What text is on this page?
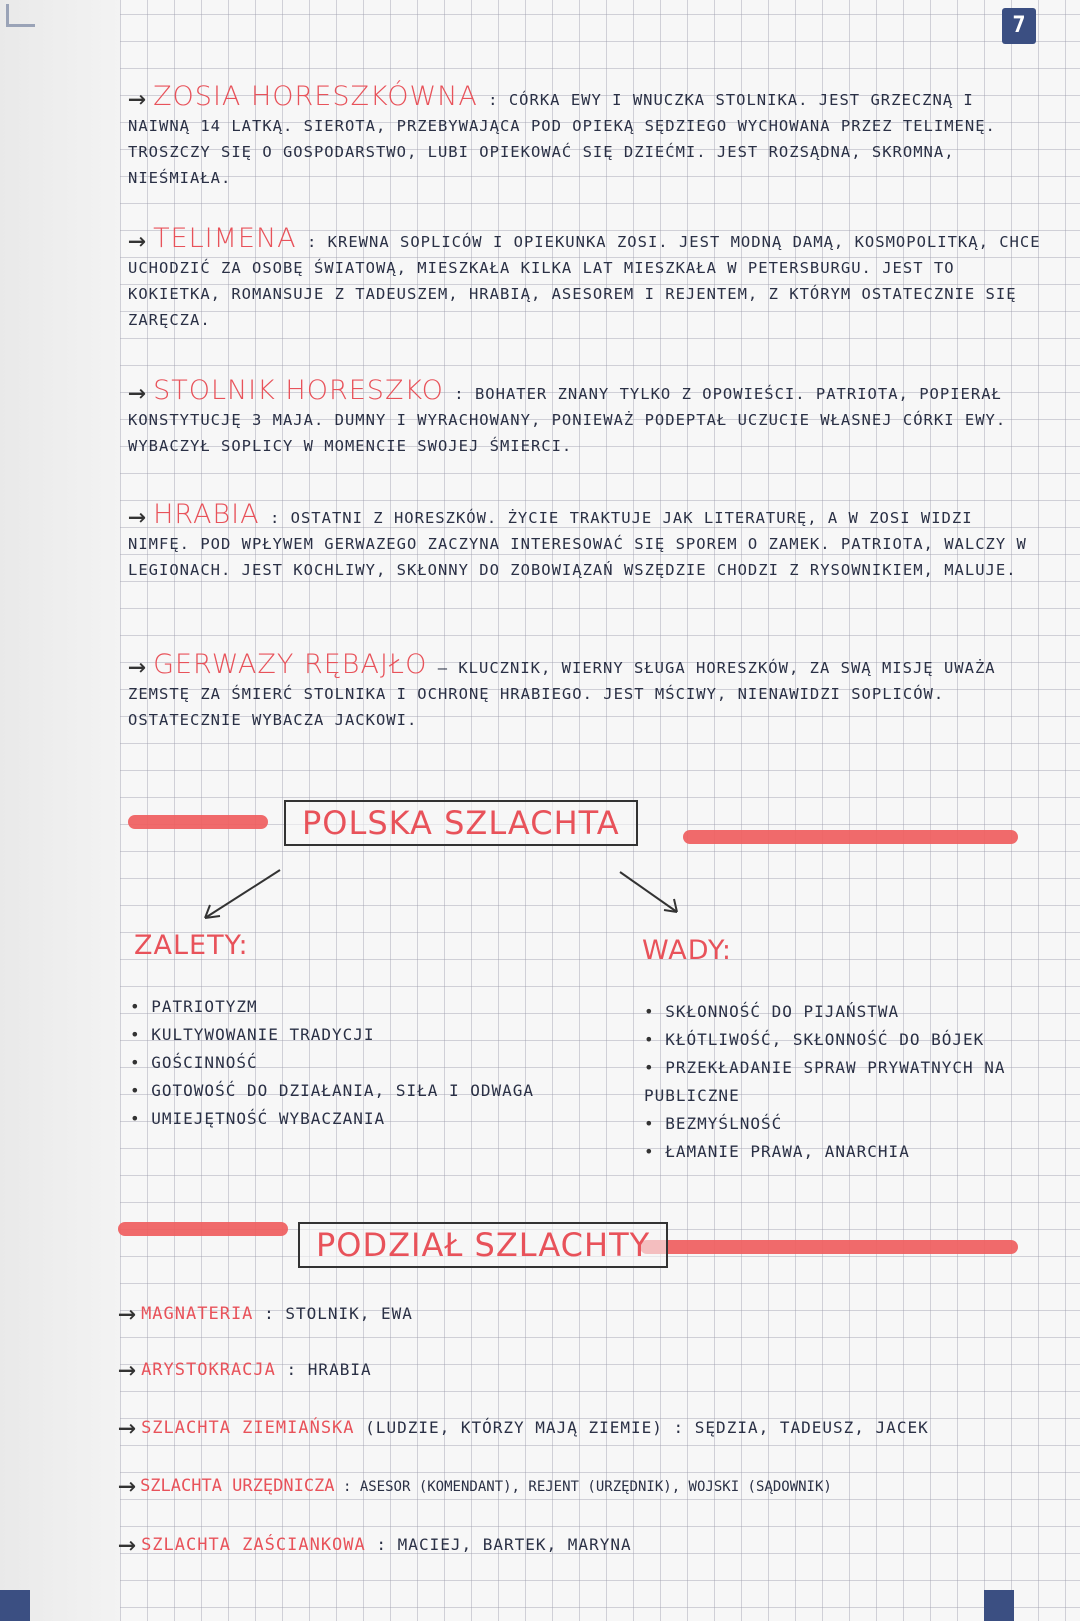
7
→ ZOSIA HORESZKÓWNA : CÓRKA EWY I WNUCZKA STOLNIKA. JEST GRZECZNĄ I NAIWNĄ 14 LATKĄ. SIEROTA, PRZEBYWAJĄCA POD OPIEKĄ SĘDZIEGO WYCHOWANA PRZEZ TELIMENĘ. TROSZCZY SIĘ O GOSPODARSTWO, LUBI OPIEKOWAĆ SIĘ DZIEĆMI. JEST ROZSĄDNA, SKROMNA, NIEŚMIAŁA.
→ TELIMENA : KREWNA SOPLICÓW I OPIEKUNKA ZOSI. JEST MODNĄ DAMĄ, KOSMOPOLITKĄ, CHCE UCHODZIĆ ZA OSOBĘ ŚWIATOWĄ, MIESZKAŁA KILKA LAT MIESZKAŁA W PETERSBURGU. JEST TO KOKIETKA, ROMANSUJE Z TADEUSZEM, HRABIĄ, ASESOREM I REJENTEM, Z KTÓRYM OSTATECZNIE SIĘ ZARĘCZA.
→ STOLNIK HORESZKO : BOHATER ZNANY TYLKO Z OPOWIEŚCI. PATRIOTA, POPIERAŁ KONSTYTUCJĘ 3 MAJA. DUMNY I WYRACHOWANY, PONIEWAŻ PODEPTAŁ UCZUCIE WŁASNEJ CÓRKI EWY. WYBACZYŁ SOPLICY W MOMENCIE SWOJEJ ŚMIERCI.
→ HRABIA : OSTATNI Z HORESZKÓW. ŻYCIE TRAKTUJE JAK LITERATURĘ, A W ZOSI WIDZI NIMFĘ. POD WPŁYWEM GERWAZEGO ZACZYNA INTERESOWAĆ SIĘ SPOREM O ZAMEK. PATRIOTA, WALCZY W LEGIONACH. JEST KOCHLIWY, SKŁONNY DO ZOBOWIĄZAŃ WSZĘDZIE CHODZI Z RYSOWNIKIEM, MALUJE.
→ GERWAZY RĘBAJŁO – KLUCZNIK, WIERNY SŁUGA HORESZKÓW, ZA SWĄ MISJĘ UWAŻA ZEMSTĘ ZA ŚMIERĆ STOLNIKA I OCHRONĘ HRABIEGO. JEST MŚCIWY, NIENAWIDZI SOPLICÓW. OSTATECZNIE WYBACZA JACKOWI.
POLSKA SZLACHTA
ZALETY:
• PATRIOTYZM
• KULTYWOWANIE TRADYCJI
• GOŚCINNOŚĆ
• GOTOWOŚĆ DO DZIAŁANIA, SIŁA I ODWAGA
• UMIEJĘTNOŚĆ WYBACZANIA
WADY:
• SKŁONNOŚĆ DO PIJAŃSTWA
• KŁÓTLIWOŚĆ, SKŁONNOŚĆ DO BÓJEK
• PRZEKŁADANIE SPRAW PRYWATNYCH NA PUBLICZNE
• BEZMYŚLNOŚĆ
• ŁAMANIE PRAWA, ANARCHIA
PODZIAŁ SZLACHTY
→ MAGNATERIA : STOLNIK, EWA
→ ARYSTOKRACJA : HRABIA
→ SZLACHTA ZIEMIAŃSKA (LUDZIE, KTÓRZY MAJĄ ZIEMIE) : SĘDZIA, TADEUSZ, JACEK
→ SZLACHTA URZĘDNICZA : ASESOR (KOMENDANT), REJENT (URZĘDNIK), WOJSKI (SĄDOWNIK)
→ SZLACHTA ZAŚCIANKOWA : MACIEJ, BARTEK, MARYNA
